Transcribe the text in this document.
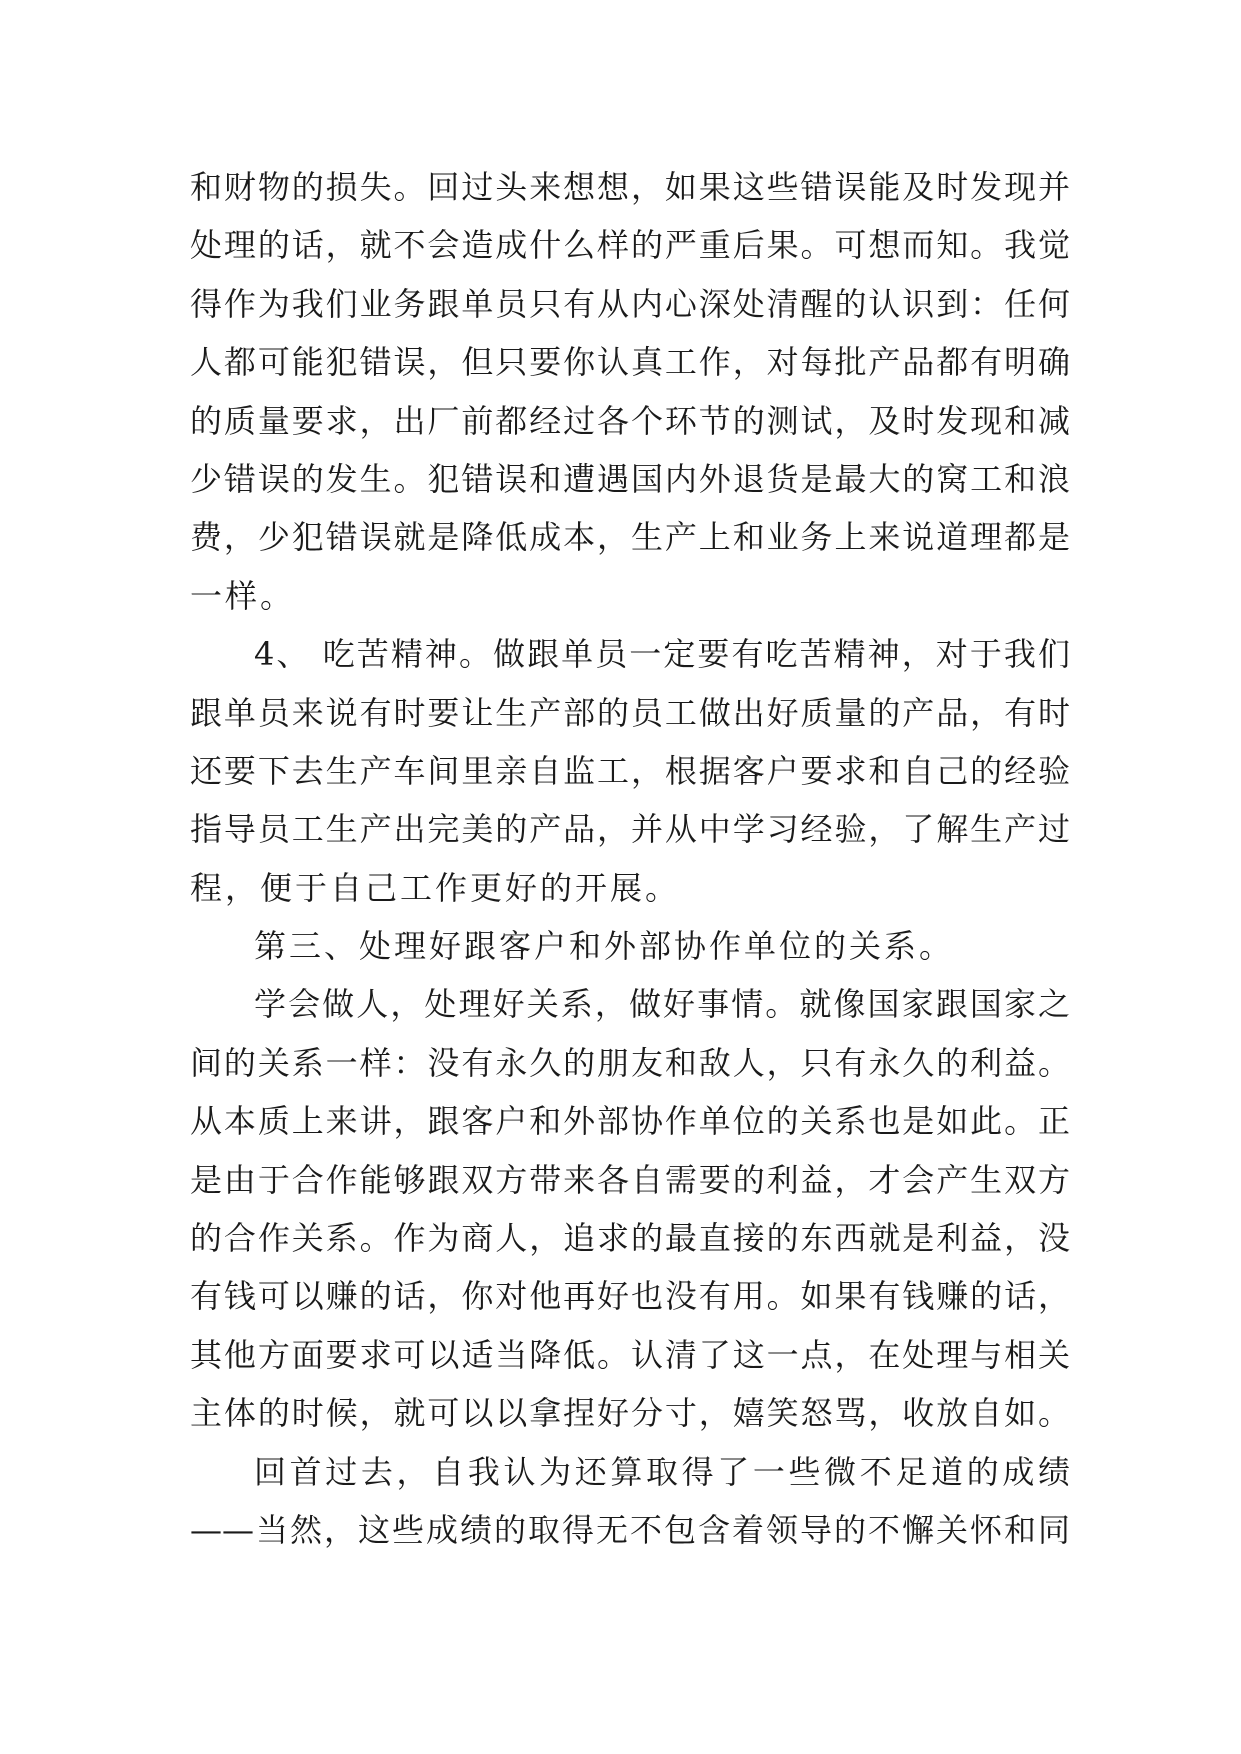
和财物的损失。回过头来想想，如果这些错误能及时发现并
处理的话，就不会造成什么样的严重后果。可想而知。我觉
得作为我们业务跟单员只有从内心深处清醒的认识到：任何
人都可能犯错误，但只要你认真工作，对每批产品都有明确
的质量要求，出厂前都经过各个环节的测试，及时发现和减
少错误的发生。犯错误和遭遇国内外退货是最大的窝工和浪
费，少犯错误就是降低成本，生产上和业务上来说道理都是
一样。
4、 吃苦精神。做跟单员一定要有吃苦精神，对于我们
跟单员来说有时要让生产部的员工做出好质量的产品，有时
还要下去生产车间里亲自监工，根据客户要求和自己的经验
指导员工生产出完美的产品，并从中学习经验，了解生产过
程，便于自己工作更好的开展。
第三、处理好跟客户和外部协作单位的关系。
学会做人，处理好关系，做好事情。就像国家跟国家之
间的关系一样：没有永久的朋友和敌人，只有永久的利益。
从本质上来讲，跟客户和外部协作单位的关系也是如此。正
是由于合作能够跟双方带来各自需要的利益，才会产生双方
的合作关系。作为商人，追求的最直接的东西就是利益，没
有钱可以赚的话，你对他再好也没有用。如果有钱赚的话，
其他方面要求可以适当降低。认清了这一点，在处理与相关
主体的时候，就可以以拿捏好分寸，嬉笑怒骂，收放自如。
回首过去，自我认为还算取得了一些微不足道的成绩
——当然，这些成绩的取得无不包含着领导的不懈关怀和同
